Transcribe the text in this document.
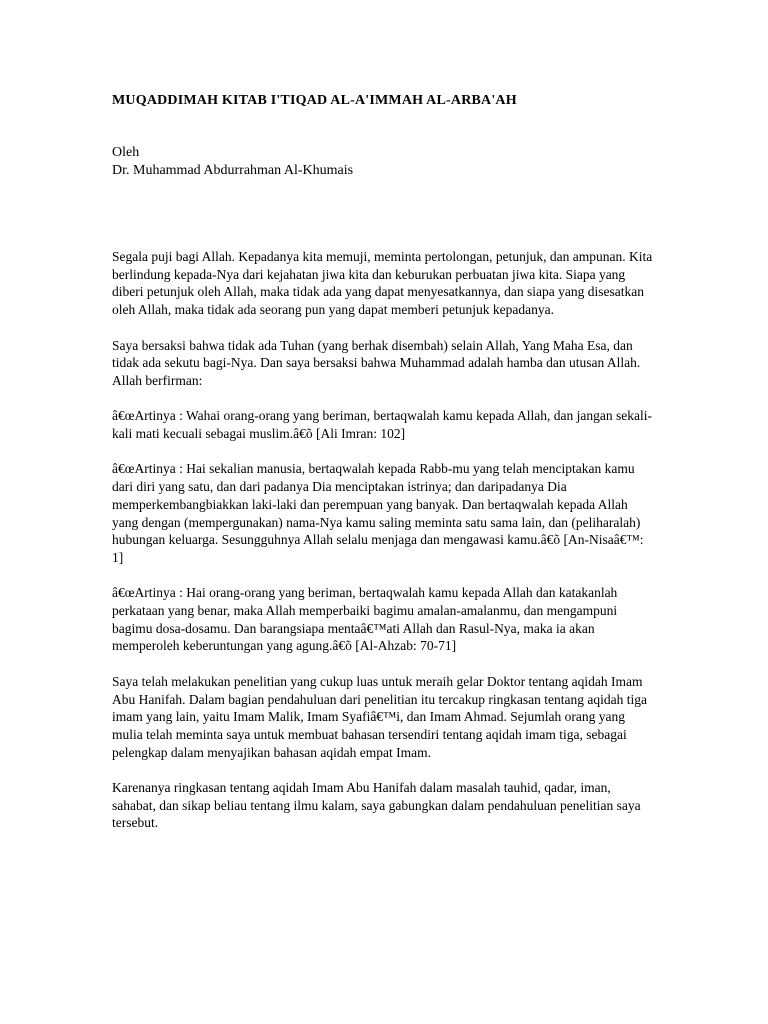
MUQADDIMAH KITAB I'TIQAD AL-A'IMMAH AL-ARBA'AH
Oleh
Dr. Muhammad Abdurrahman Al-Khumais

Segala puji bagi Allah. Kepadanya kita memuji, meminta pertolongan, petunjuk, dan ampunan. Kita berlindung kepada-Nya dari kejahatan jiwa kita dan keburukan perbuatan jiwa kita. Siapa yang diberi petunjuk oleh Allah, maka tidak ada yang dapat menyesatkannya, dan siapa yang disesatkan oleh Allah, maka tidak ada seorang pun yang dapat memberi petunjuk kepadanya.

Saya bersaksi bahwa tidak ada Tuhan (yang berhak disembah) selain Allah, Yang Maha Esa, dan tidak ada sekutu bagi-Nya. Dan saya bersaksi bahwa Muhammad adalah hamba dan utusan Allah. Allah berfirman:

â€œArtinya : Wahai orang-orang yang beriman, bertaqwalah kamu kepada Allah, dan jangan sekali-kali mati kecuali sebagai muslim.â€õ [Ali Imran: 102]

â€œArtinya : Hai sekalian manusia, bertaqwalah kepada Rabb-mu yang telah menciptakan kamu dari diri yang satu, dan dari padanya Dia menciptakan istrinya; dan daripadanya Dia memperkembangbiakkan laki-laki dan perempuan yang banyak. Dan bertaqwalah kepada Allah yang dengan (mempergunakan) nama-Nya kamu saling meminta satu sama lain, dan (peliharalah) hubungan keluarga. Sesungguhnya Allah selalu menjaga dan mengawasi kamu.â€õ [An-Nisaâ€™: 1]

â€œArtinya : Hai orang-orang yang beriman, bertaqwalah kamu kepada Allah dan katakanlah perkataan yang benar, maka Allah memperbaiki bagimu amalan-amalanmu, dan mengampuni bagimu dosa-dosamu. Dan barangsiapa mentaâ€™ati Allah dan Rasul-Nya, maka ia akan memperoleh keberuntungan yang agung.â€õ [Al-Ahzab: 70-71]

Saya telah melakukan penelitian yang cukup luas untuk meraih gelar Doktor tentang aqidah Imam Abu Hanifah. Dalam bagian pendahuluan dari penelitian itu tercakup ringkasan tentang aqidah tiga imam yang lain, yaitu Imam Malik, Imam Syafiâ€™i, dan Imam Ahmad. Sejumlah orang yang mulia telah meminta saya untuk membuat bahasan tersendiri tentang aqidah imam tiga, sebagai pelengkap dalam menyajikan bahasan aqidah empat Imam.

Karenanya ringkasan tentang aqidah Imam Abu Hanifah dalam masalah tauhid, qadar, iman, sahabat, dan sikap beliau tentang ilmu kalam, saya gabungkan dalam pendahuluan penelitian saya tersebut.
